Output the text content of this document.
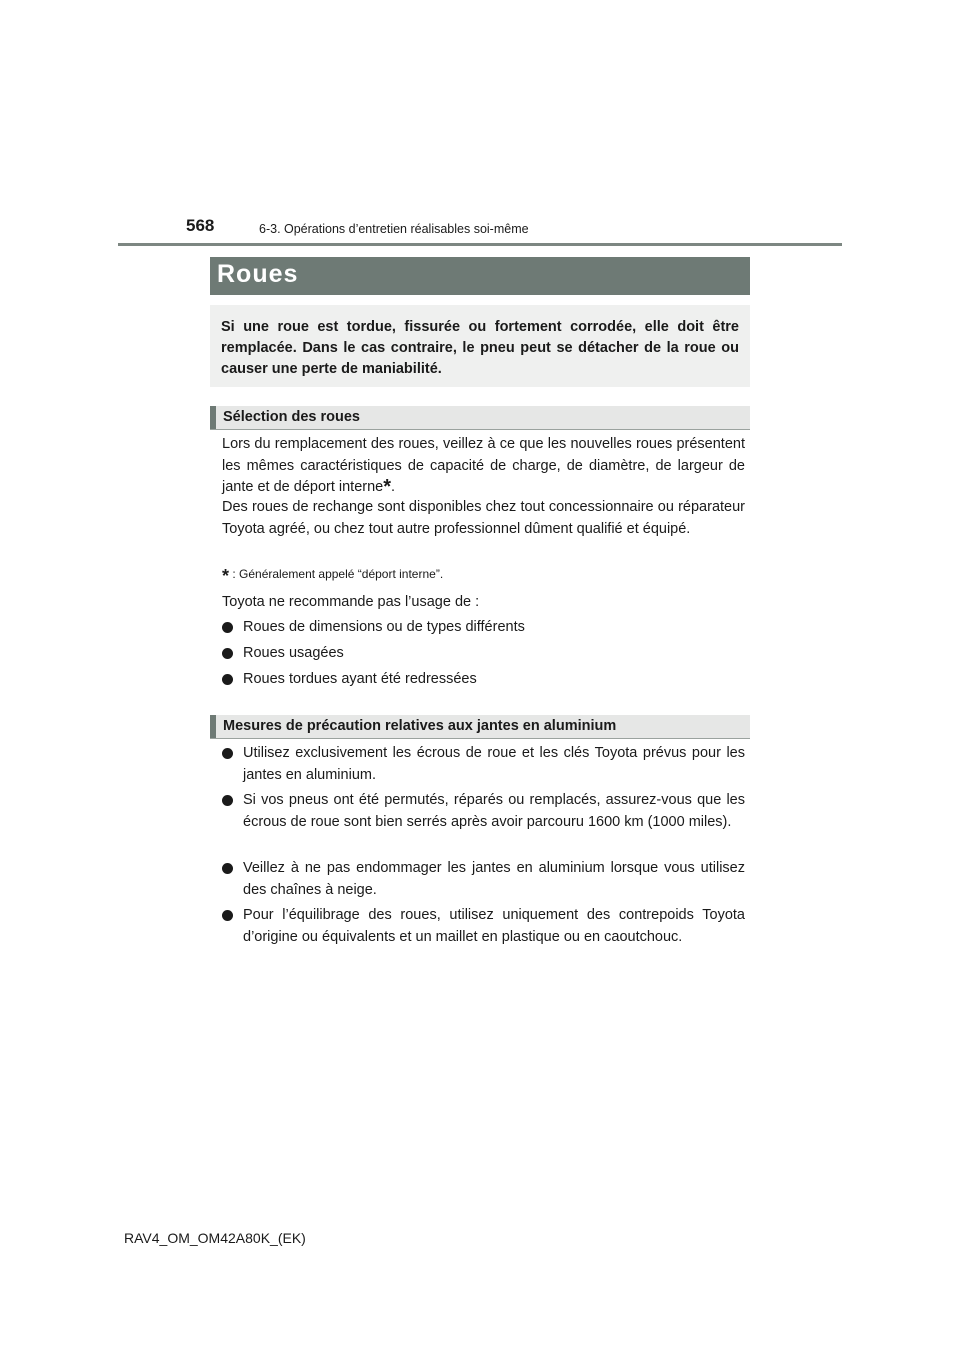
568	6-3. Opérations d’entretien réalisables soi-même
Roues
Si une roue est tordue, fissurée ou fortement corrodée, elle doit être remplacée. Dans le cas contraire, le pneu peut se détacher de la roue ou causer une perte de maniabilité.
Sélection des roues
Lors du remplacement des roues, veillez à ce que les nouvelles roues présentent les mêmes caractéristiques de capacité de charge, de diamètre, de largeur de jante et de déport interne*.
Des roues de rechange sont disponibles chez tout concessionnaire ou réparateur Toyota agréé, ou chez tout autre professionnel dûment qualifié et équipé.
* : Généralement appelé “déport interne”.
Toyota ne recommande pas l’usage de :
Roues de dimensions ou de types différents
Roues usagées
Roues tordues ayant été redressées
Mesures de précaution relatives aux jantes en aluminium
Utilisez exclusivement les écrous de roue et les clés Toyota prévus pour les jantes en aluminium.
Si vos pneus ont été permutés, réparés ou remplacés, assurez-vous que les écrous de roue sont bien serrés après avoir parcouru 1600 km (1000 miles).
Veillez à ne pas endommager les jantes en aluminium lorsque vous utilisez des chaînes à neige.
Pour l’équilibrage des roues, utilisez uniquement des contrepoids Toyota d’origine ou équivalents et un maillet en plastique ou en caoutchouc.
RAV4_OM_OM42A80K_(EK)
